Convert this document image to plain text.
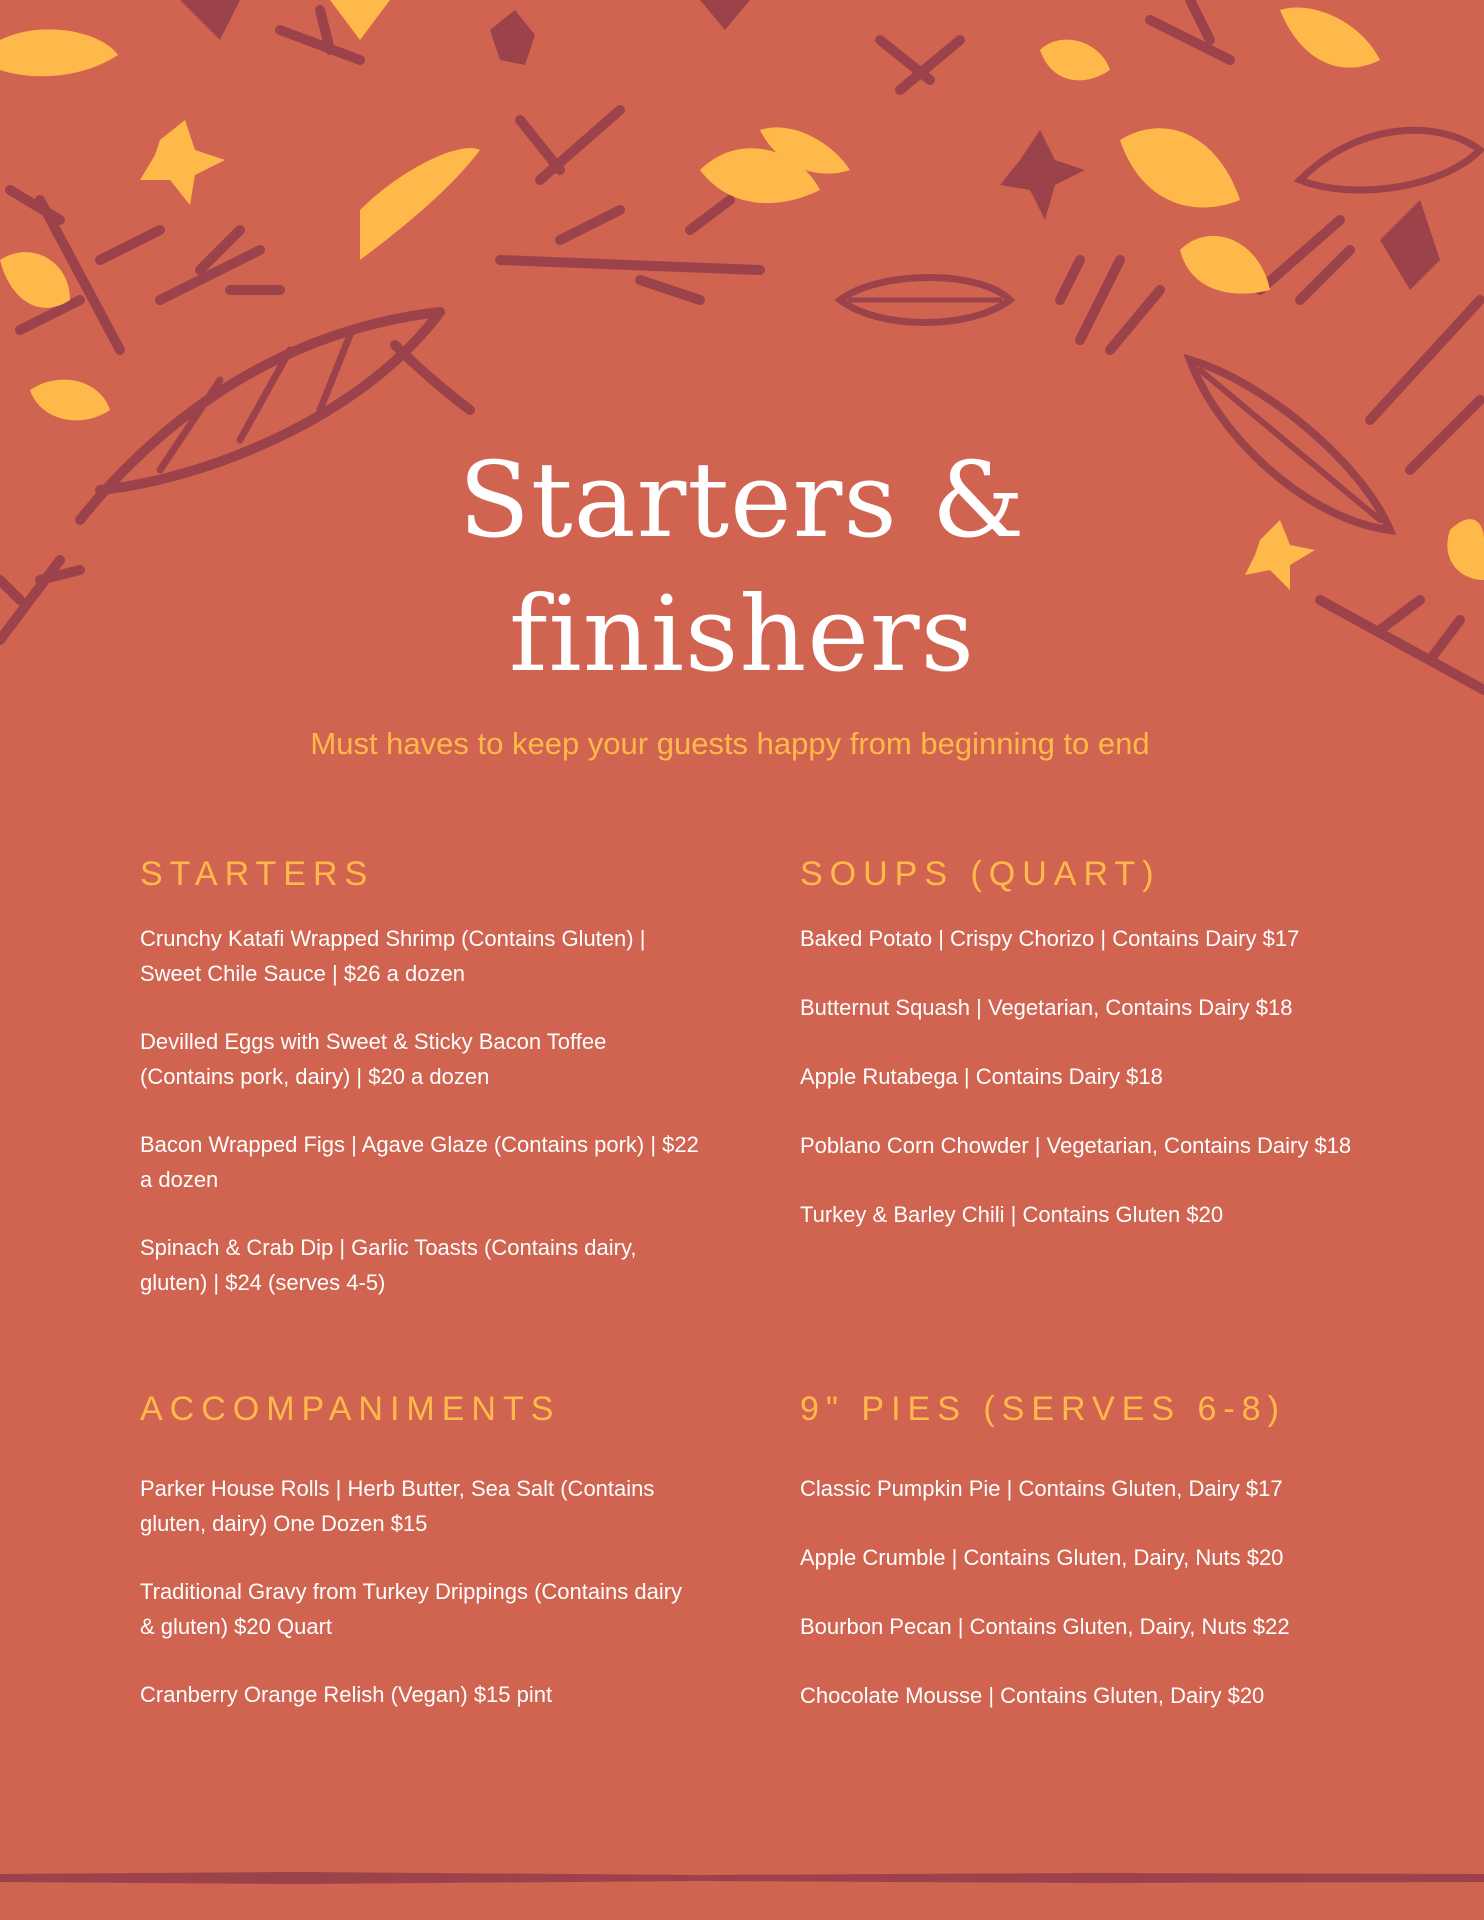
Starters &
finishers
Must haves to keep your guests happy from beginning to end
STARTERS
Crunchy Katafi Wrapped Shrimp (Contains Gluten) | Sweet Chile Sauce | $26 a dozen
Devilled Eggs with Sweet & Sticky Bacon Toffee (Contains pork, dairy) | $20 a dozen
Bacon Wrapped Figs | Agave Glaze (Contains pork) | $22 a dozen
Spinach & Crab Dip | Garlic Toasts (Contains dairy, gluten) | $24 (serves 4-5)
SOUPS (QUART)
Baked Potato | Crispy Chorizo | Contains Dairy $17
Butternut Squash | Vegetarian, Contains Dairy $18
Apple Rutabega | Contains Dairy $18
Poblano Corn Chowder | Vegetarian, Contains Dairy $18
Turkey & Barley Chili | Contains Gluten $20
ACCOMPANIMENTS
Parker House Rolls | Herb Butter, Sea Salt (Contains gluten, dairy) One Dozen $15
Traditional Gravy from Turkey Drippings (Contains dairy & gluten) $20 Quart
Cranberry Orange Relish (Vegan) $15 pint
9" PIES (SERVES 6-8)
Classic Pumpkin Pie | Contains Gluten, Dairy $17
Apple Crumble | Contains Gluten, Dairy, Nuts $20
Bourbon Pecan | Contains Gluten, Dairy, Nuts $22
Chocolate Mousse | Contains Gluten, Dairy $20
